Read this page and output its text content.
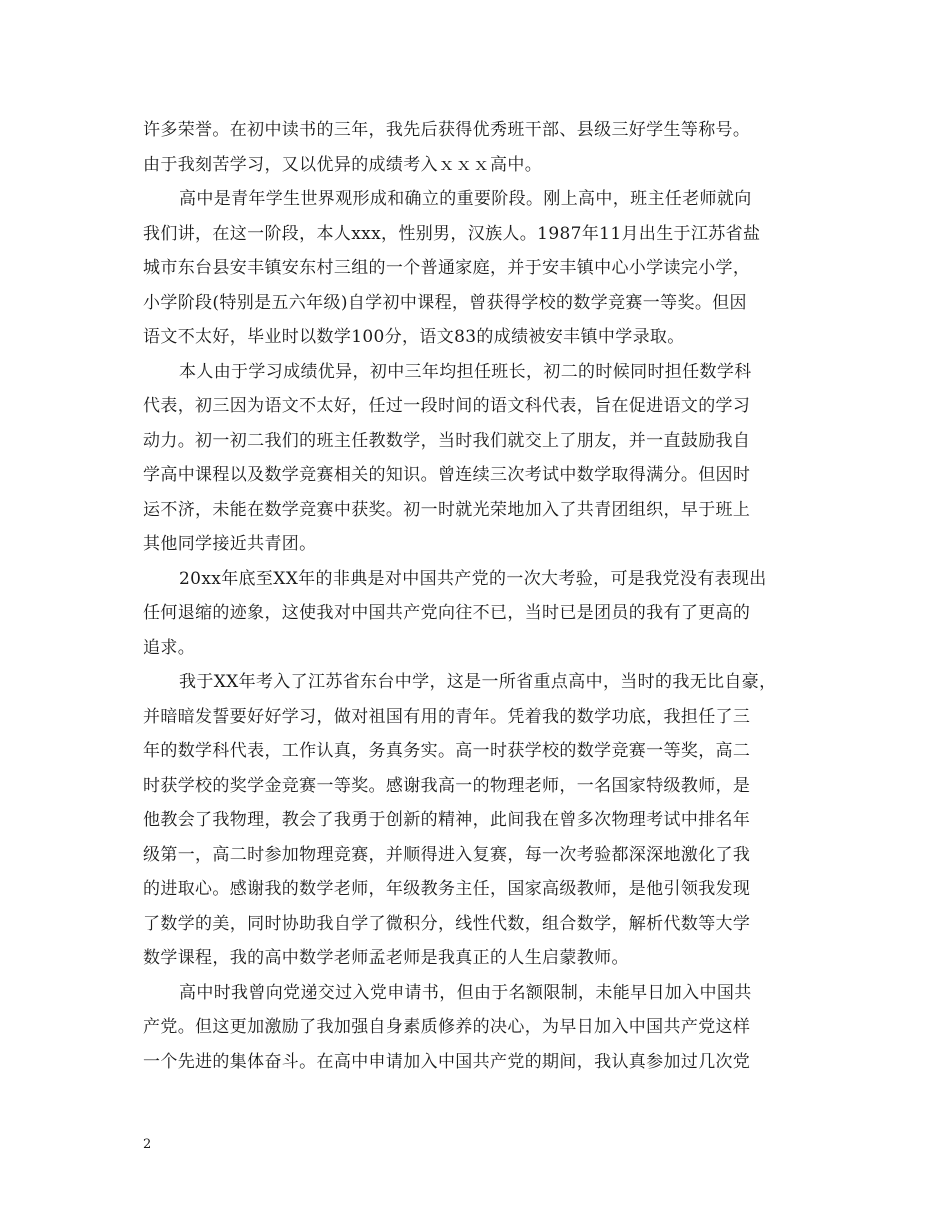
许多荣誉。在初中读书的三年，我先后获得优秀班干部、县级三好学生等称号。
由于我刻苦学习，又以优异的成绩考入ｘｘｘ高中。
高中是青年学生世界观形成和确立的重要阶段。刚上高中，班主任老师就向
我们讲，在这一阶段，本人xxx，性别男，汉族人。1987年11月出生于江苏省盐
城市东台县安丰镇安东村三组的一个普通家庭，并于安丰镇中心小学读完小学，
小学阶段(特别是五六年级)自学初中课程，曾获得学校的数学竞赛一等奖。但因
语文不太好，毕业时以数学100分，语文83的成绩被安丰镇中学录取。
本人由于学习成绩优异，初中三年均担任班长，初二的时候同时担任数学科
代表，初三因为语文不太好，任过一段时间的语文科代表，旨在促进语文的学习
动力。初一初二我们的班主任教数学，当时我们就交上了朋友，并一直鼓励我自
学高中课程以及数学竞赛相关的知识。曾连续三次考试中数学取得满分。但因时
运不济，未能在数学竞赛中获奖。初一时就光荣地加入了共青团组织，早于班上
其他同学接近共青团。
20xx年底至XX年的非典是对中国共产党的一次大考验，可是我党没有表现出
任何退缩的迹象，这使我对中国共产党向往不已，当时已是团员的我有了更高的
追求。
我于XX年考入了江苏省东台中学，这是一所省重点高中，当时的我无比自豪，
并暗暗发誓要好好学习，做对祖国有用的青年。凭着我的数学功底，我担任了三
年的数学科代表，工作认真，务真务实。高一时获学校的数学竞赛一等奖，高二
时获学校的奖学金竞赛一等奖。感谢我高一的物理老师，一名国家特级教师，是
他教会了我物理，教会了我勇于创新的精神，此间我在曾多次物理考试中排名年
级第一，高二时参加物理竞赛，并顺得进入复赛，每一次考验都深深地激化了我
的进取心。感谢我的数学老师，年级教务主任，国家高级教师，是他引领我发现
了数学的美，同时协助我自学了微积分，线性代数，组合数学，解析代数等大学
数学课程，我的高中数学老师孟老师是我真正的人生启蒙教师。
高中时我曾向党递交过入党申请书，但由于名额限制，未能早日加入中国共
产党。但这更加激励了我加强自身素质修养的决心，为早日加入中国共产党这样
一个先进的集体奋斗。在高中申请加入中国共产党的期间，我认真参加过几次党
2
